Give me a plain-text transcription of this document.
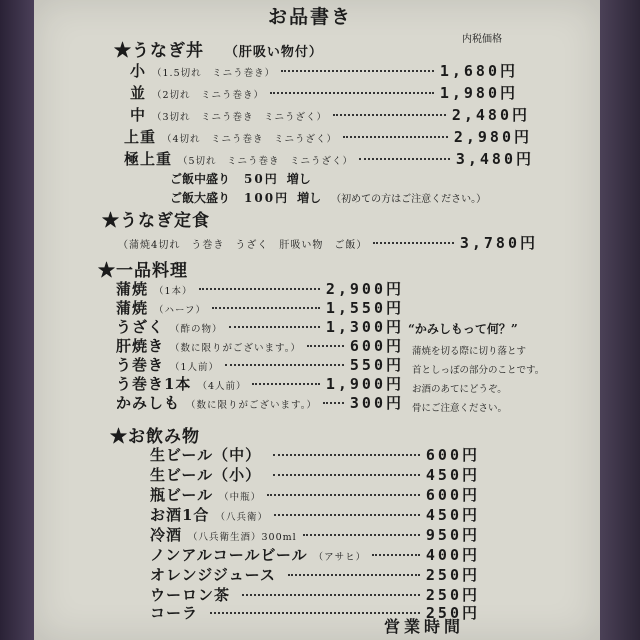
お品書き
内税価格
★うなぎ丼 （肝吸い物付）
小 （1.5切れ　ミニう巻き）	1,680円
並 （2切れ　ミニう巻き）	1,980円
中 （3切れ　ミニう巻き　ミニうざく）	2,480円
上重 （4切れ　ミニう巻き　ミニうざく）	2,980円
極上重 （5切れ　ミニう巻き　ミニうざく）	3,480円
ご飯中盛り 50円 増し
ご飯大盛り 100円 増し （初めての方はご注意ください。）
★うなぎ定食
（蒲焼4切れ　う巻き　うざく　肝吸い物　ご飯）	3,780円
★一品料理
蒲焼 （1本）	2,900円
蒲焼 （ハーフ）	1,550円
うざく （酢の物）	1,300円
肝焼き （数に限りがございます。）	600円
う巻き （1人前）	550円
う巻き1本 （4人前）	1,900円
かみしも （数に限りがございます。） 300円
“かみしもって何？”
蒲焼を切る際に切り落とす
首としっぽの部分のことです。
お酒のあてにどうぞ。
骨にご注意ください。
★お飲み物
生ビール（中）	600円
生ビール（小）	450円
瓶ビール （中瓶）	600円
お酒1合 （八兵衛）	450円
冷酒 （八兵衛生酒）300ml	950円
ノンアルコールビール （アサヒ）	400円
オレンジジュース	250円
ウーロン茶	250円
コーラ	250円
営業時間
